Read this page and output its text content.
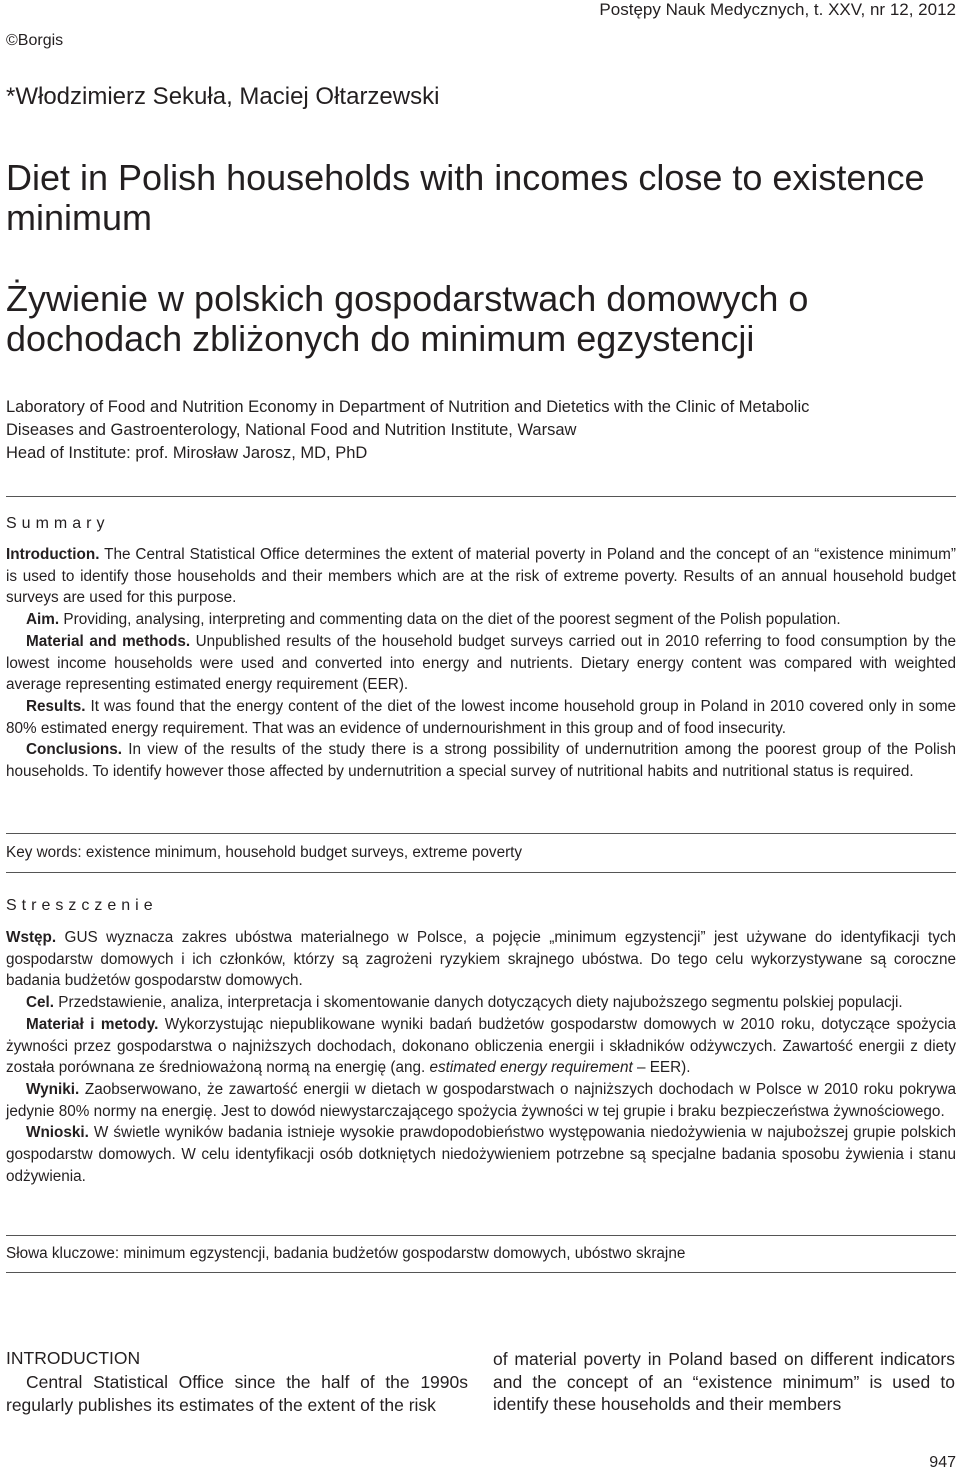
Postępy Nauk Medycznych, t. XXV, nr 12, 2012
©Borgis
*Włodzimierz Sekuła, Maciej Ołtarzewski
Diet in Polish households with incomes close to existence minimum
Żywienie w polskich gospodarstwach domowych o dochodach zbliżonych do minimum egzystencji
Laboratory of Food and Nutrition Economy in Department of Nutrition and Dietetics with the Clinic of Metabolic
Diseases and Gastroenterology, National Food and Nutrition Institute, Warsaw
Head of Institute: prof. Mirosław Jarosz, MD, PhD
Summary

Introduction. The Central Statistical Office determines the extent of material poverty in Poland and the concept of an “existence minimum” is used to identify those households and their members which are at the risk of extreme poverty. Results of an annual household budget surveys are used for this purpose.

Aim. Providing, analysing, interpreting and commenting data on the diet of the poorest segment of the Polish population.

Material and methods. Unpublished results of the household budget surveys carried out in 2010 referring to food consumption by the lowest income households were used and converted into energy and nutrients. Dietary energy content was compared with weighted average representing estimated energy requirement (EER).

Results. It was found that the energy content of the diet of the lowest income household group in Poland in 2010 covered only in some 80% estimated energy requirement. That was an evidence of undernourishment in this group and of food insecurity.

Conclusions. In view of the results of the study there is a strong possibility of undernutrition among the poorest group of the Polish households. To identify however those affected by undernutrition a special survey of nutritional habits and nutritional status is required.

Key words: existence minimum, household budget surveys, extreme poverty
Streszczenie

Wstęp. GUS wyznacza zakres ubóstwa materialnego w Polsce, a pojęcie „minimum egzystencji” jest używane do identyfikacji tych gospodarstw domowych i ich członków, którzy są zagrożeni ryzykiem skrajnego ubóstwa. Do tego celu wykorzystywane są coroczne badania budżetów gospodarstw domowych.

Cel. Przedstawienie, analiza, interpretacja i skomentowanie danych dotyczących diety najuboższego segmentu polskiej populacji.

Materiał i metody. Wykorzystując niepublikowane wyniki badań budżetów gospodarstw domowych w 2010 roku, dotyczące spożycia żywności przez gospodarstwa o najniższych dochodach, dokonano obliczenia energii i składników odżywczych. Zawartość energii z diety została porównana ze średnioważoną normą na energię (ang. estimated energy requirement – EER).

Wyniki. Zaobserwowano, że zawartość energii w dietach w gospodarstwach o najniższych dochodach w Polsce w 2010 roku pokrywa jedynie 80% normy na energię. Jest to dowód niewystarczającego spożycia żywności w tej grupie i braku bezpieczeństwa żywnościowego.

Wnioski. W świetle wyników badania istnieje wysokie prawdopodobieństwo występowania niedożywienia w najuboższej grupie polskich gospodarstw domowych. W celu identyfikacji osób dotkniętych niedożywieniem potrzebne są specjalne badania sposobu żywienia i stanu odżywienia.

Słowa kluczowe: minimum egzystencji, badania budżetów gospodarstw domowych, ubóstwo skrajne
INTRODUCTION
Central Statistical Office since the half of the 1990s regularly publishes its estimates of the extent of the risk
of material poverty in Poland based on different indicators and the concept of an “existence minimum” is used to identify these households and their members
947
